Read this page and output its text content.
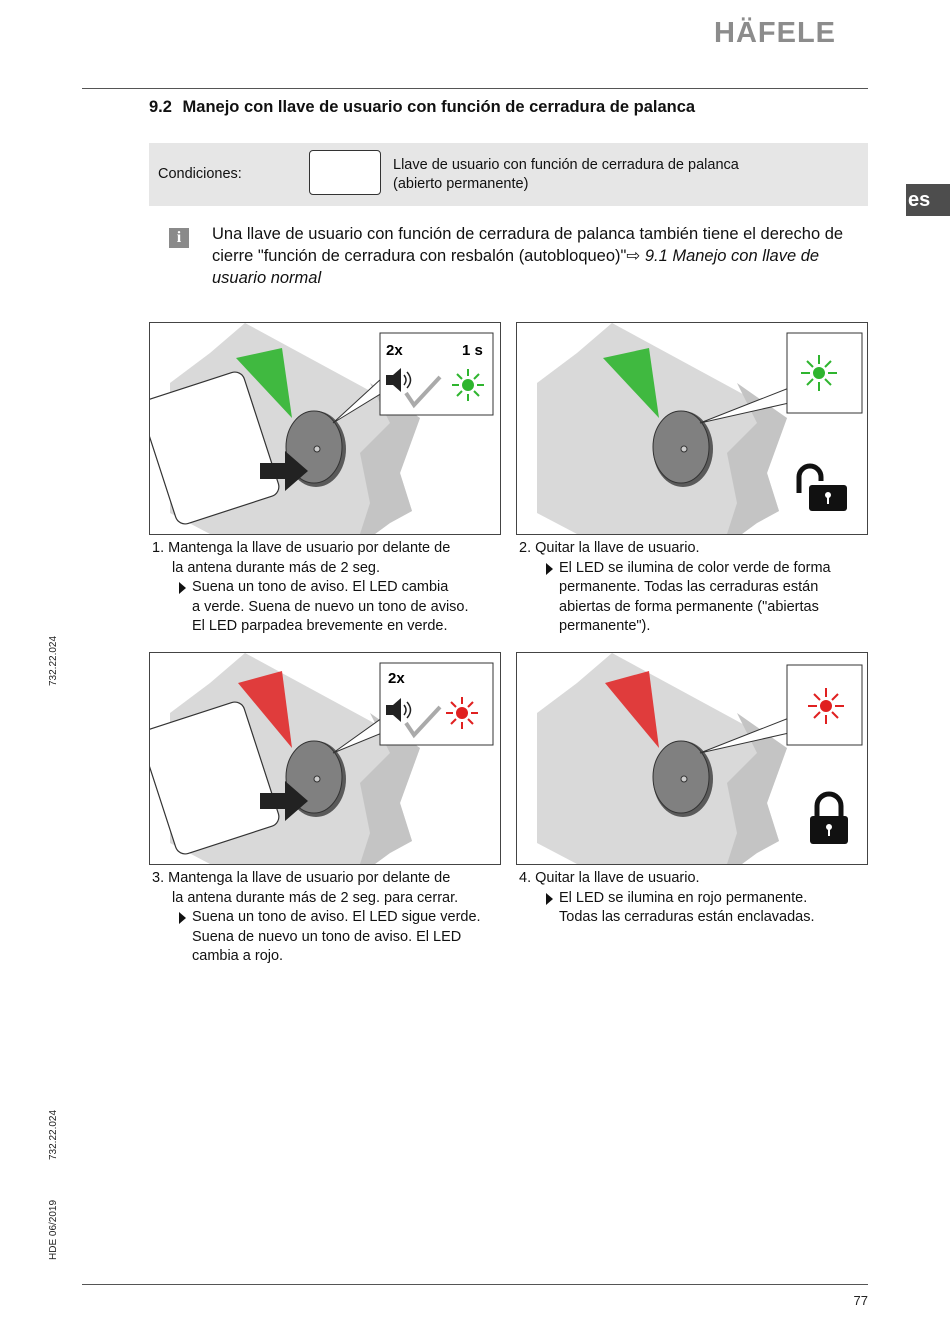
HÄFELE
9.2 Manejo con llave de usuario con función de cerradura de palanca
es
Condiciones:
Llave de usuario con función de cerradura de palanca
(abierto permanente)
i	Una llave de usuario con función de cerradura de palanca también tiene el derecho de cierre "función de cerradura con resbalón (autobloqueo)"⇨ 9.1 Manejo con llave de usuario normal
2x	1 s
1. Mantenga la llave de usuario por delante de
la antena durante más de 2 seg.
Suena un tono de aviso. El LED cambia
a verde. Suena de nuevo un tono de aviso.
El LED parpadea brevemente en verde.
2. Quitar la llave de usuario.
El LED se ilumina de color verde de forma
permanente. Todas las cerraduras están
abiertas de forma permanente ("abiertas
permanente").
2x
3. Mantenga la llave de usuario por delante de
la antena durante más de 2 seg. para cerrar.
Suena un tono de aviso. El LED sigue verde.
Suena de nuevo un tono de aviso. El LED
cambia a rojo.
4. Quitar la llave de usuario.
El LED se ilumina en rojo permanente.
Todas las cerraduras están enclavadas.
732.22.024
732.22.024
HDE 06/2019
77
